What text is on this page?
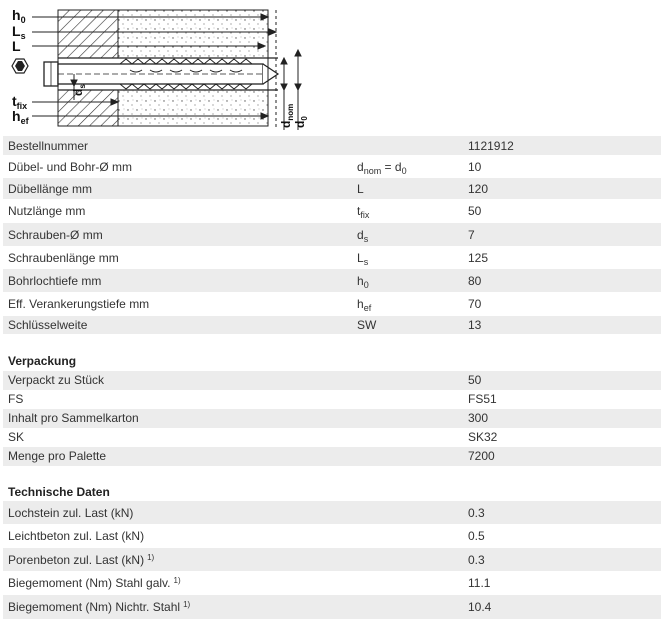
$h_0$
$L_s$
L
$t_{fix}$
$h_{ef}$
$d_s$
$d_{nom}$
$d_0$
Bestellnummer	1121912
Dübel- und Bohr-Ø mm	$d_{nom} = d_0$	10
Dübellänge mm	L	120
Nutzlänge mm	$t_{fix}$	50
Schrauben-Ø mm	$d_s$	7
Schraubenlänge mm	$L_s$	125
Bohrlochtiefe mm	$h_0$	80
Eff. Verankerungstiefe mm	$h_{ef}$	70
Schlüsselweite	SW	13
Verpackung
Verpackt zu Stück	50
FS	FS51
Inhalt pro Sammelkarton	300
SK	SK32
Menge pro Palette	7200
Technische Daten
Lochstein zul. Last (kN)	0.3
Leichtbeton zul. Last (kN)	0.5
Porenbeton zul. Last (kN) $^{1)}$	0.3
Biegemoment (Nm) Stahl galv. $^{1)}$	11.1
Biegemoment (Nm) Nichtr. Stahl $^{1)}$	10.4
